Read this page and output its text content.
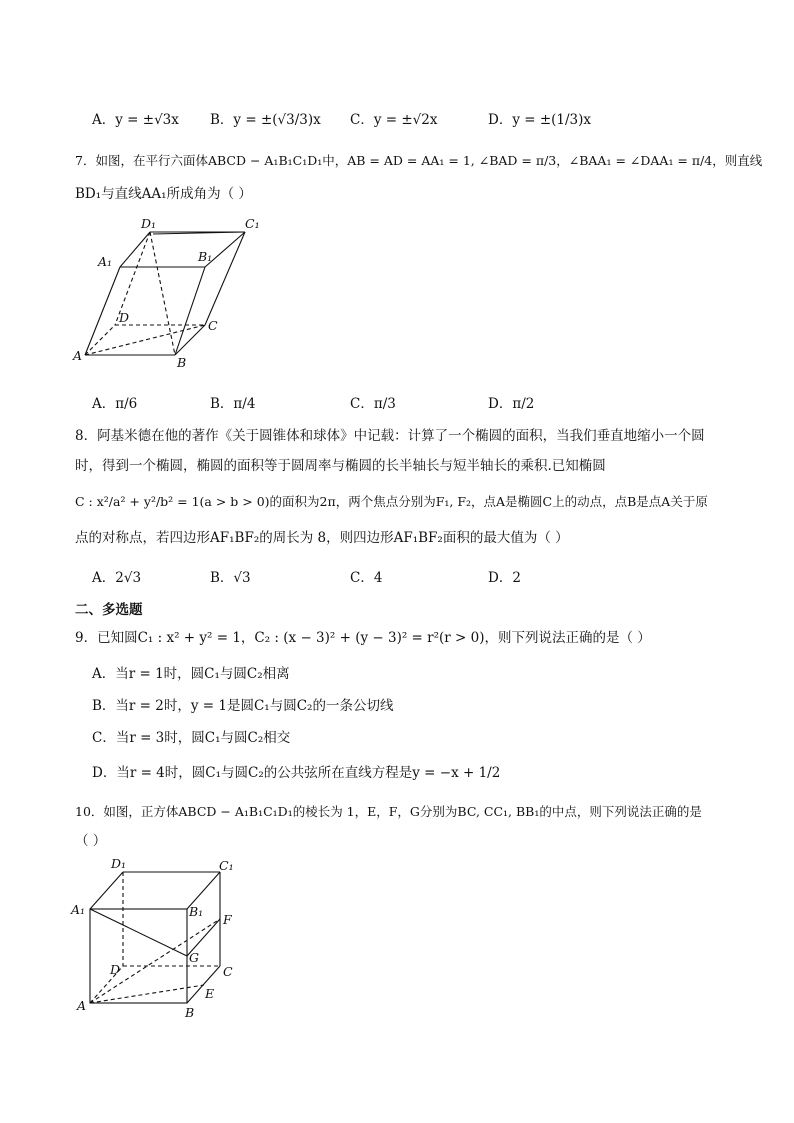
A．y = ±√3x B．y = ±(√3/3)x C．y = ±√2x	D．y = ±(1/3)x
7．如图，在平行六面体ABCD − A₁B₁C₁D₁中，AB = AD = AA₁ = 1, ∠BAD = π/3，∠BAA₁ = ∠DAA₁ = π/4，则直线
BD₁与直线AA₁所成角为（ ）
D₁	C₁
A₁	B₁
D
C
A	B
A．π/6	B．π/4	C．π/3	D．π/2
8．阿基米德在他的著作《关于圆锥体和球体》中记载：计算了一个椭圆的面积，当我们垂直地缩小一个圆
时，得到一个椭圆，椭圆的面积等于圆周率与椭圆的长半轴长与短半轴长的乘积.已知椭圆
C : x²/a² + y²/b² = 1(a > b > 0)的面积为2π，两个焦点分别为F₁, F₂，点A是椭圆C上的动点，点B是点A关于原
点的对称点，若四边形AF₁BF₂的周长为 8，则四边形AF₁BF₂面积的最大值为（ ）
A．2√3	B．√3	C．4	D．2
二、多选题
9．已知圆C₁ : x² + y² = 1，C₂ : (x − 3)² + (y − 3)² = r²(r > 0)，则下列说法正确的是（ ）
A．当r = 1时，圆C₁与圆C₂相离
B．当r = 2时，y = 1是圆C₁与圆C₂的一条公切线
C．当r = 3时，圆C₁与圆C₂相交
D．当r = 4时，圆C₁与圆C₂的公共弦所在直线方程是y = −x + 1/2
10．如图，正方体ABCD − A₁B₁C₁D₁的棱长为 1，E，F，G分别为BC, CC₁, BB₁的中点，则下列说法正确的是
（ ）
D₁	C₁
A₁	B₁
F
G
D	C
E
A	B
